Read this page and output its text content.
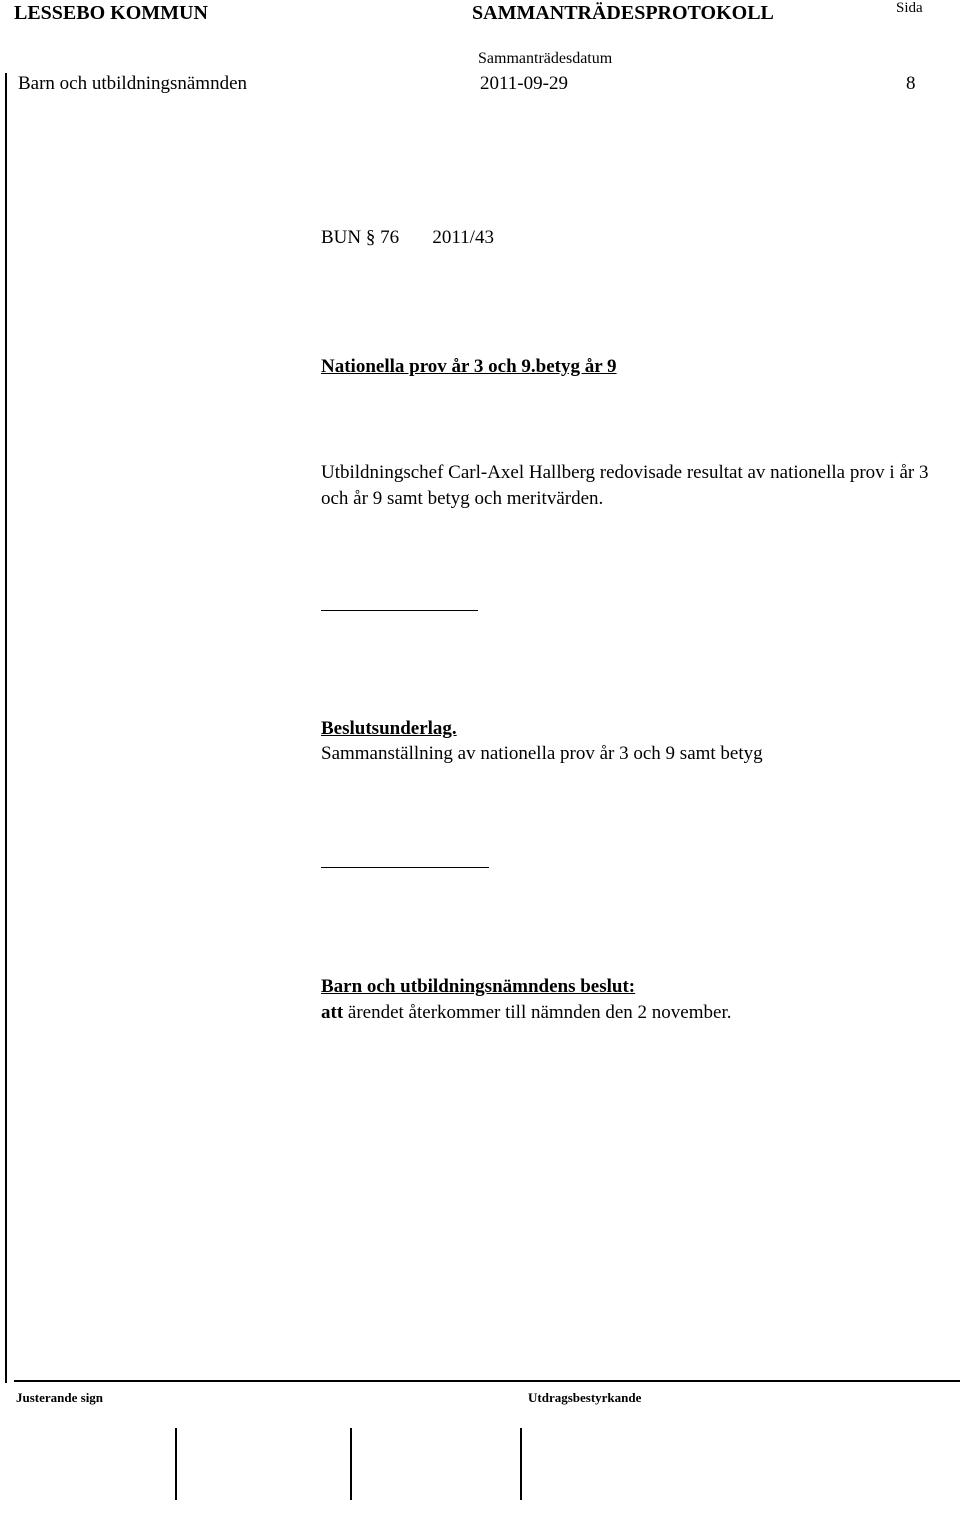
LESSEBO KOMMUN	SAMMANTRÄDESPROTOKOLL	Sida
Sammanträdesdatum
Barn och utbildningsnämnden	2011-09-29	8
BUN § 76 2011/43
Nationella prov år 3 och 9.betyg år 9
Utbildningschef Carl-Axel Hallberg redovisade resultat av nationella prov i år 3 och år 9 samt betyg och meritvärden.
Beslutsunderlag.
Sammanställning av nationella prov år 3 och 9 samt betyg
Barn och utbildningsnämndens beslut:
att ärendet återkommer till nämnden den 2 november.
Justerande sign	Utdragsbestyrkande
